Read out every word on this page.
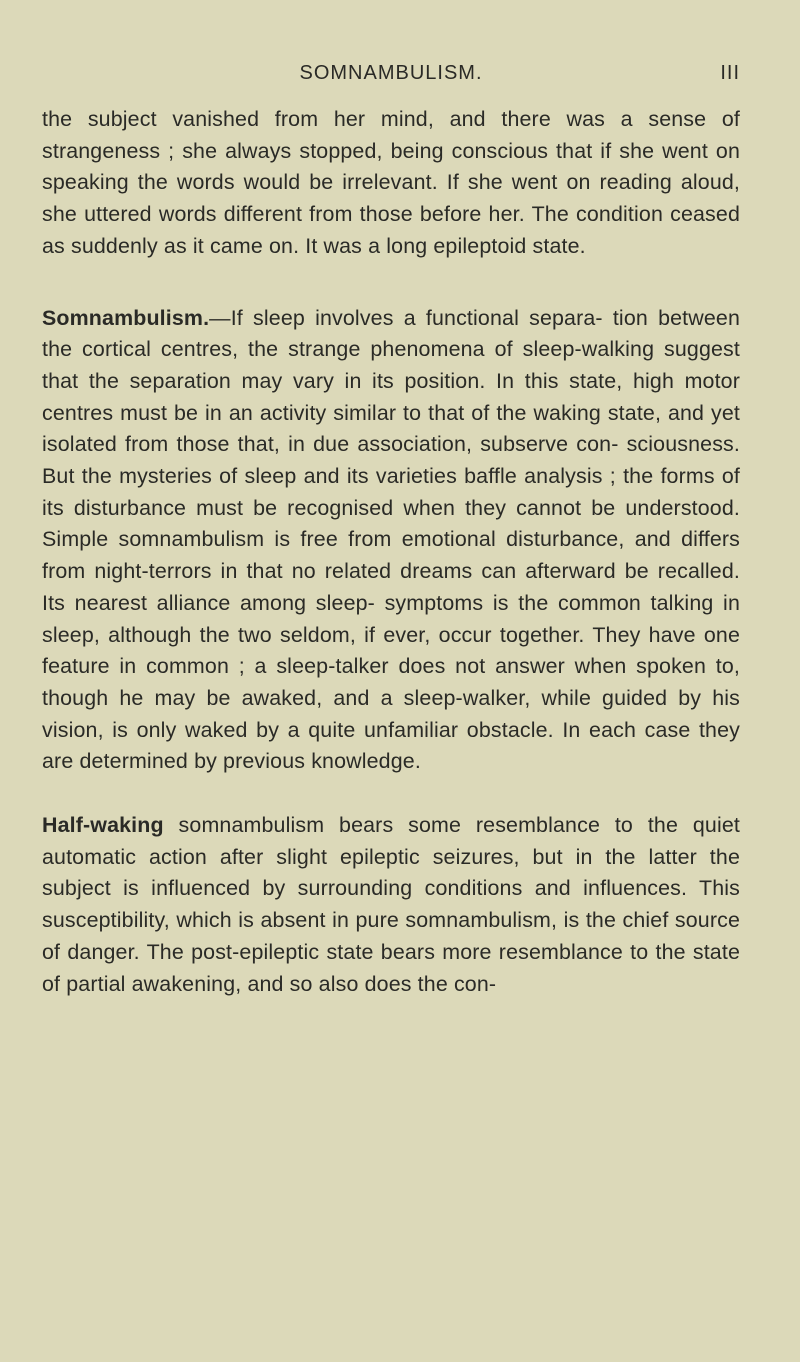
SOMNAMBULISM.	III

the subject vanished from her mind, and there was a sense of strangeness ; she always stopped, being conscious that if she went on speaking the words would be irrelevant. If she went on reading aloud, she uttered words different from those before her. The condition ceased as suddenly as it came on. It was a long epileptoid state.

Somnambulism.—If sleep involves a functional separa- tion between the cortical centres, the strange phenomena of sleep-walking suggest that the separation may vary in its position. In this state, high motor centres must be in an activity similar to that of the waking state, and yet isolated from those that, in due association, subserve con- sciousness. But the mysteries of sleep and its varieties baffle analysis ; the forms of its disturbance must be recognised when they cannot be understood. Simple somnambulism is free from emotional disturbance, and differs from night-terrors in that no related dreams can afterward be recalled. Its nearest alliance among sleep- symptoms is the common talking in sleep, although the two seldom, if ever, occur together. They have one feature in common ; a sleep-talker does not answer when spoken to, though he may be awaked, and a sleep-walker, while guided by his vision, is only waked by a quite unfamiliar obstacle. In each case they are determined by previous knowledge.

Half-waking somnambulism bears some resemblance to the quiet automatic action after slight epileptic seizures, but in the latter the subject is influenced by surrounding conditions and influences. This susceptibility, which is absent in pure somnambulism, is the chief source of danger. The post-epileptic state bears more resemblance to the state of partial awakening, and so also does the con-
